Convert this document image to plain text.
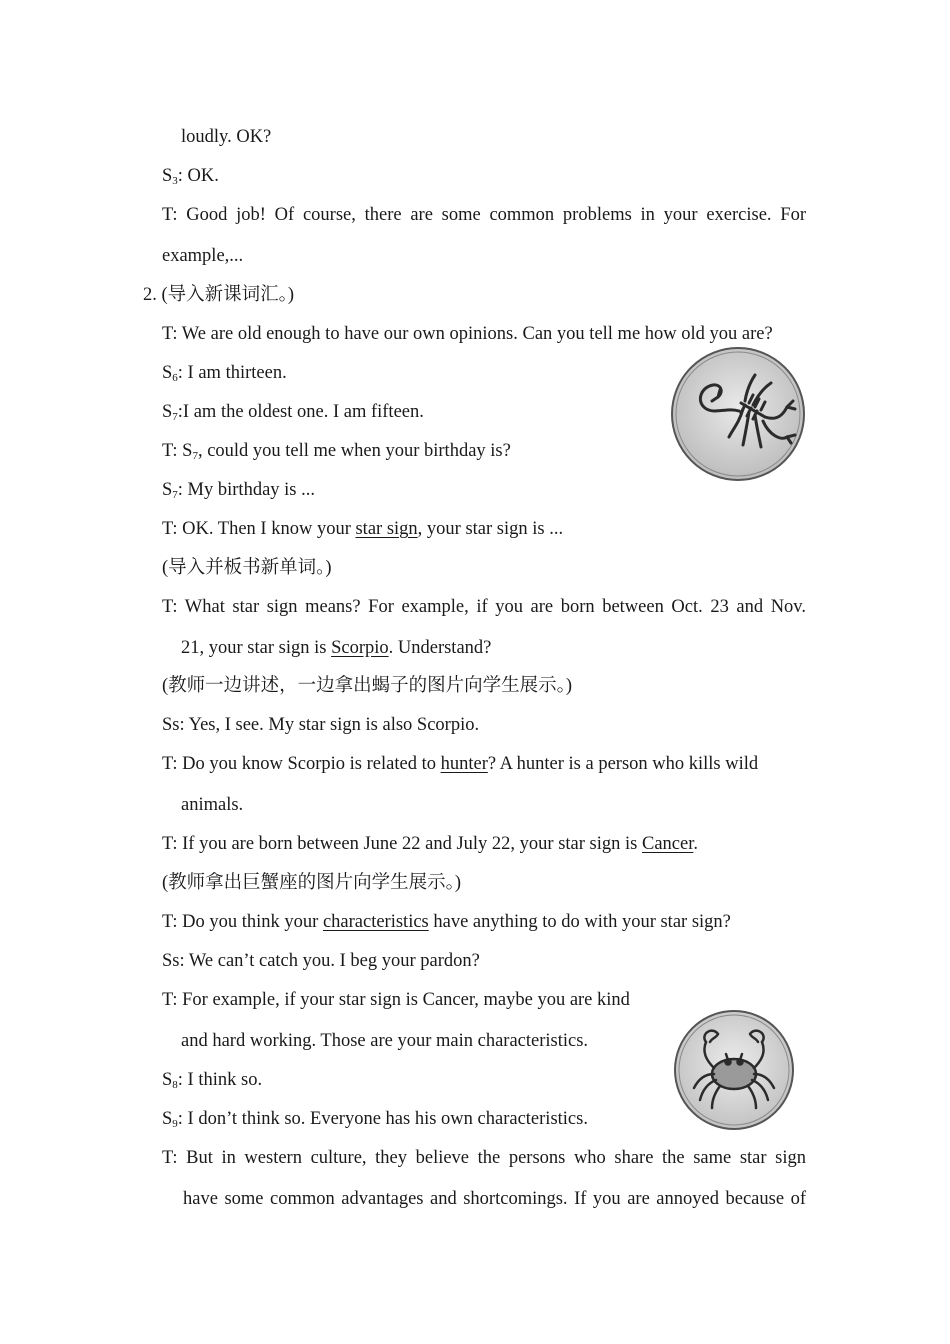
loudly. OK?
$S_3$: OK.
T: Good job! Of course, there are some common problems in your exercise. For
example,...
2. (导入新课词汇。)
T: We are old enough to have our own opinions. Can you tell me how old you are?
$S_6$: I am thirteen.
$S_7:I$ am the oldest one. I am fifteen.
T: $S_7$, could you tell me when your birthday is?
$S_7$: My birthday is ...
T: OK. Then I know your star sign, your star sign is ...
(导入并板书新单词。)
T: What star sign means? For example, if you are born between Oct. 23 and Nov.
21, your star sign is Scorpio. Understand?
(教师一边讲述，一边拿出蝎子的图片向学生展示。)
Ss: Yes, I see. My star sign is also Scorpio.
T: Do you know Scorpio is related to hunter? A hunter is a person who kills wild
animals.
T: If you are born between June 22 and July 22, your star sign is Cancer.
(教师拿出巨蟹座的图片向学生展示。)
T: Do you think your characteristics have anything to do with your star sign?
Ss: We can’t catch you. I beg your pardon?
T: For example, if your star sign is Cancer, maybe you are kind
and hard working. Those are your main characteristics.
$S_8$: I think so.
$S_9$: I don’t think so. Everyone has his own characteristics.
T: But in western culture, they believe the persons who share the same star sign
have some common advantages and shortcomings. If you are annoyed because of
